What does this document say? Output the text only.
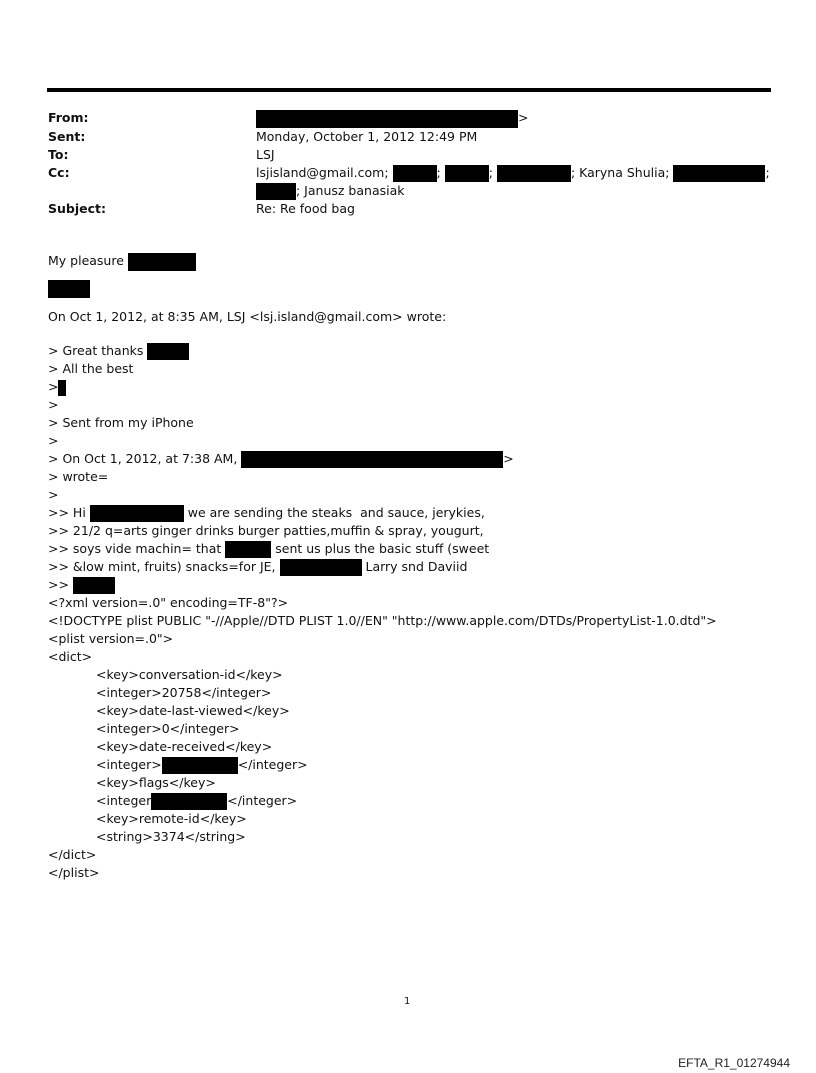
From:	>
Sent:	Monday, October 1, 2012 12:49 PM
To:	LSJ
Cc:	lsjisland@gmail.com;	;	;	; Karyna Shulia;	;
; Janusz banasiak
Subject:	Re: Re food bag
My pleasure
On Oct 1, 2012, at 8:35 AM, LSJ <lsj.island@gmail.com> wrote:
> Great thanks
> All the best
>
>
> Sent from my iPhone
>
> On Oct 1, 2012, at 7:38 AM,	>
> wrote=
>
>> Hi	we are sending the steaks  and sauce, jerykies,
>> 21/2 q=arts ginger drinks burger patties,muffin & spray, yougurt,
>> soys vide machin= that	sent us plus the basic stuff (sweet
>> &low mint, fruits) snacks=for JE,	Larry snd Daviid
>>
<?xml version=.0" encoding=TF-8"?>
<!DOCTYPE plist PUBLIC "-//Apple//DTD PLIST 1.0//EN" "http://www.apple.com/DTDs/PropertyList-1.0.dtd">
<plist version=.0">
<dict>
<key>conversation-id</key>
<integer>20758</integer>
<key>date-last-viewed</key>
<integer>0</integer>
<key>date-received</key>
<integer>	</integer>
<key>flags</key>
<integer	</integer>
<key>remote-id</key>
<string>3374</string>
</dict>
</plist>
1
EFTA_R1_01274944
